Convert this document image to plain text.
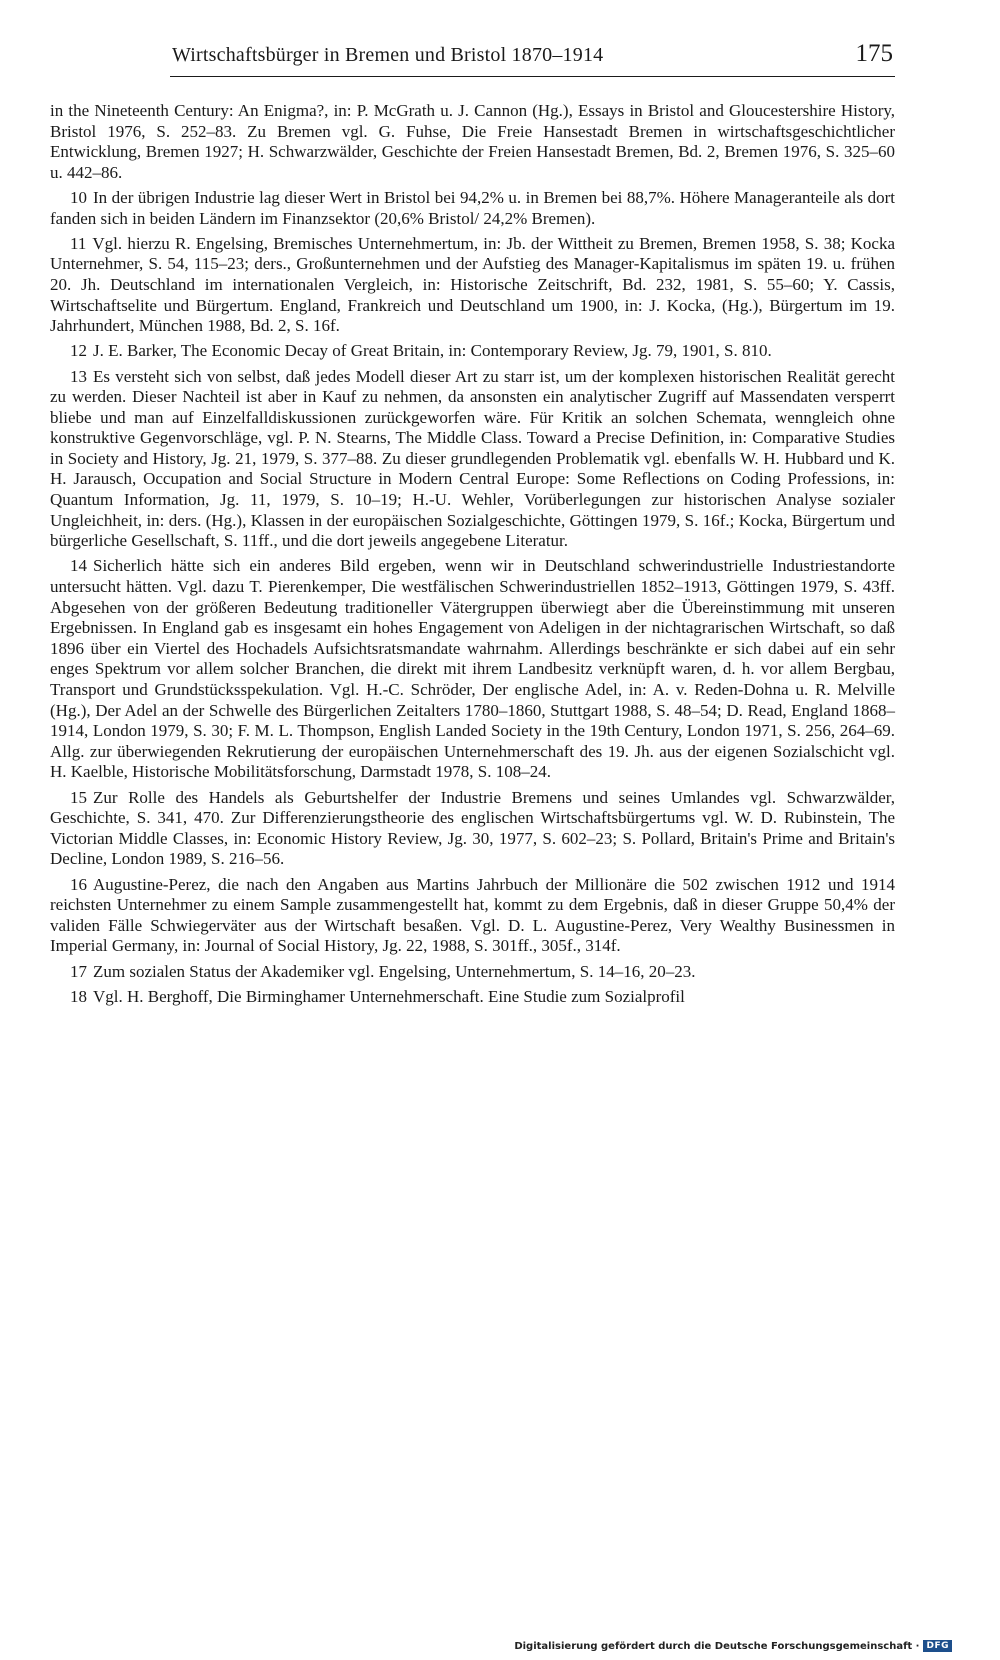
Wirtschaftsbürger in Bremen und Bristol 1870–1914	175

in the Nineteenth Century: An Enigma?, in: P. McGrath u. J. Cannon (Hg.), Essays in Bristol and Gloucestershire History, Bristol 1976, S. 252–83. Zu Bremen vgl. G. Fuhse, Die Freie Hansestadt Bremen in wirtschaftsgeschichtlicher Entwicklung, Bremen 1927; H. Schwarzwälder, Geschichte der Freien Hansestadt Bremen, Bd. 2, Bremen 1976, S. 325–60 u. 442–86.

10 In der übrigen Industrie lag dieser Wert in Bristol bei 94,2% u. in Bremen bei 88,7%. Höhere Manageranteile als dort fanden sich in beiden Ländern im Finanzsektor (20,6% Bristol/ 24,2% Bremen).

11 Vgl. hierzu R. Engelsing, Bremisches Unternehmertum, in: Jb. der Wittheit zu Bremen, Bremen 1958, S. 38; Kocka Unternehmer, S. 54, 115–23; ders., Großunternehmen und der Aufstieg des Manager-Kapitalismus im späten 19. u. frühen 20. Jh. Deutschland im internationalen Vergleich, in: Historische Zeitschrift, Bd. 232, 1981, S. 55–60; Y. Cassis, Wirtschaftselite und Bürgertum. England, Frankreich und Deutschland um 1900, in: J. Kocka, (Hg.), Bürgertum im 19. Jahrhundert, München 1988, Bd. 2, S. 16f.

12 J. E. Barker, The Economic Decay of Great Britain, in: Contemporary Review, Jg. 79, 1901, S. 810.

13 Es versteht sich von selbst, daß jedes Modell dieser Art zu starr ist, um der komplexen historischen Realität gerecht zu werden. Dieser Nachteil ist aber in Kauf zu nehmen, da ansonsten ein analytischer Zugriff auf Massendaten versperrt bliebe und man auf Einzelfalldiskussionen zurückgeworfen wäre. Für Kritik an solchen Schemata, wenngleich ohne konstruktive Gegenvorschläge, vgl. P. N. Stearns, The Middle Class. Toward a Precise Definition, in: Comparative Studies in Society and History, Jg. 21, 1979, S. 377–88. Zu dieser grundlegenden Problematik vgl. ebenfalls W. H. Hubbard und K. H. Jarausch, Occupation and Social Structure in Modern Central Europe: Some Reflections on Coding Professions, in: Quantum Information, Jg. 11, 1979, S. 10–19; H.-U. Wehler, Vorüberlegungen zur historischen Analyse sozialer Ungleichheit, in: ders. (Hg.), Klassen in der europäischen Sozialgeschichte, Göttingen 1979, S. 16f.; Kocka, Bürgertum und bürgerliche Gesellschaft, S. 11ff., und die dort jeweils angegebene Literatur.

14 Sicherlich hätte sich ein anderes Bild ergeben, wenn wir in Deutschland schwerindustrielle Industriestandorte untersucht hätten. Vgl. dazu T. Pierenkemper, Die westfälischen Schwerindustriellen 1852–1913, Göttingen 1979, S. 43ff. Abgesehen von der größeren Bedeutung traditioneller Vätergruppen überwiegt aber die Übereinstimmung mit unseren Ergebnissen. In England gab es insgesamt ein hohes Engagement von Adeligen in der nichtagrarischen Wirtschaft, so daß 1896 über ein Viertel des Hochadels Aufsichtsratsmandate wahrnahm. Allerdings beschränkte er sich dabei auf ein sehr enges Spektrum vor allem solcher Branchen, die direkt mit ihrem Landbesitz verknüpft waren, d. h. vor allem Bergbau, Transport und Grundstücksspekulation. Vgl. H.-C. Schröder, Der englische Adel, in: A. v. Reden-Dohna u. R. Melville (Hg.), Der Adel an der Schwelle des Bürgerlichen Zeitalters 1780–1860, Stuttgart 1988, S. 48–54; D. Read, England 1868–1914, London 1979, S. 30; F. M. L. Thompson, English Landed Society in the 19th Century, London 1971, S. 256, 264–69. Allg. zur überwiegenden Rekrutierung der europäischen Unternehmerschaft des 19. Jh. aus der eigenen Sozialschicht vgl. H. Kaelble, Historische Mobilitätsforschung, Darmstadt 1978, S. 108–24.

15 Zur Rolle des Handels als Geburtshelfer der Industrie Bremens und seines Umlandes vgl. Schwarzwälder, Geschichte, S. 341, 470. Zur Differenzierungstheorie des englischen Wirtschaftsbürgertums vgl. W. D. Rubinstein, The Victorian Middle Classes, in: Economic History Review, Jg. 30, 1977, S. 602–23; S. Pollard, Britain's Prime and Britain's Decline, London 1989, S. 216–56.

16 Augustine-Perez, die nach den Angaben aus Martins Jahrbuch der Millionäre die 502 zwischen 1912 und 1914 reichsten Unternehmer zu einem Sample zusammengestellt hat, kommt zu dem Ergebnis, daß in dieser Gruppe 50,4% der validen Fälle Schwiegerväter aus der Wirtschaft besaßen. Vgl. D. L. Augustine-Perez, Very Wealthy Businessmen in Imperial Germany, in: Journal of Social History, Jg. 22, 1988, S. 301ff., 305f., 314f.

17 Zum sozialen Status der Akademiker vgl. Engelsing, Unternehmertum, S. 14–16, 20–23.

18 Vgl. H. Berghoff, Die Birminghamer Unternehmerschaft. Eine Studie zum Sozialprofil

Digitalisierung gefördert durch die Deutsche Forschungsgemeinschaft · DFG
